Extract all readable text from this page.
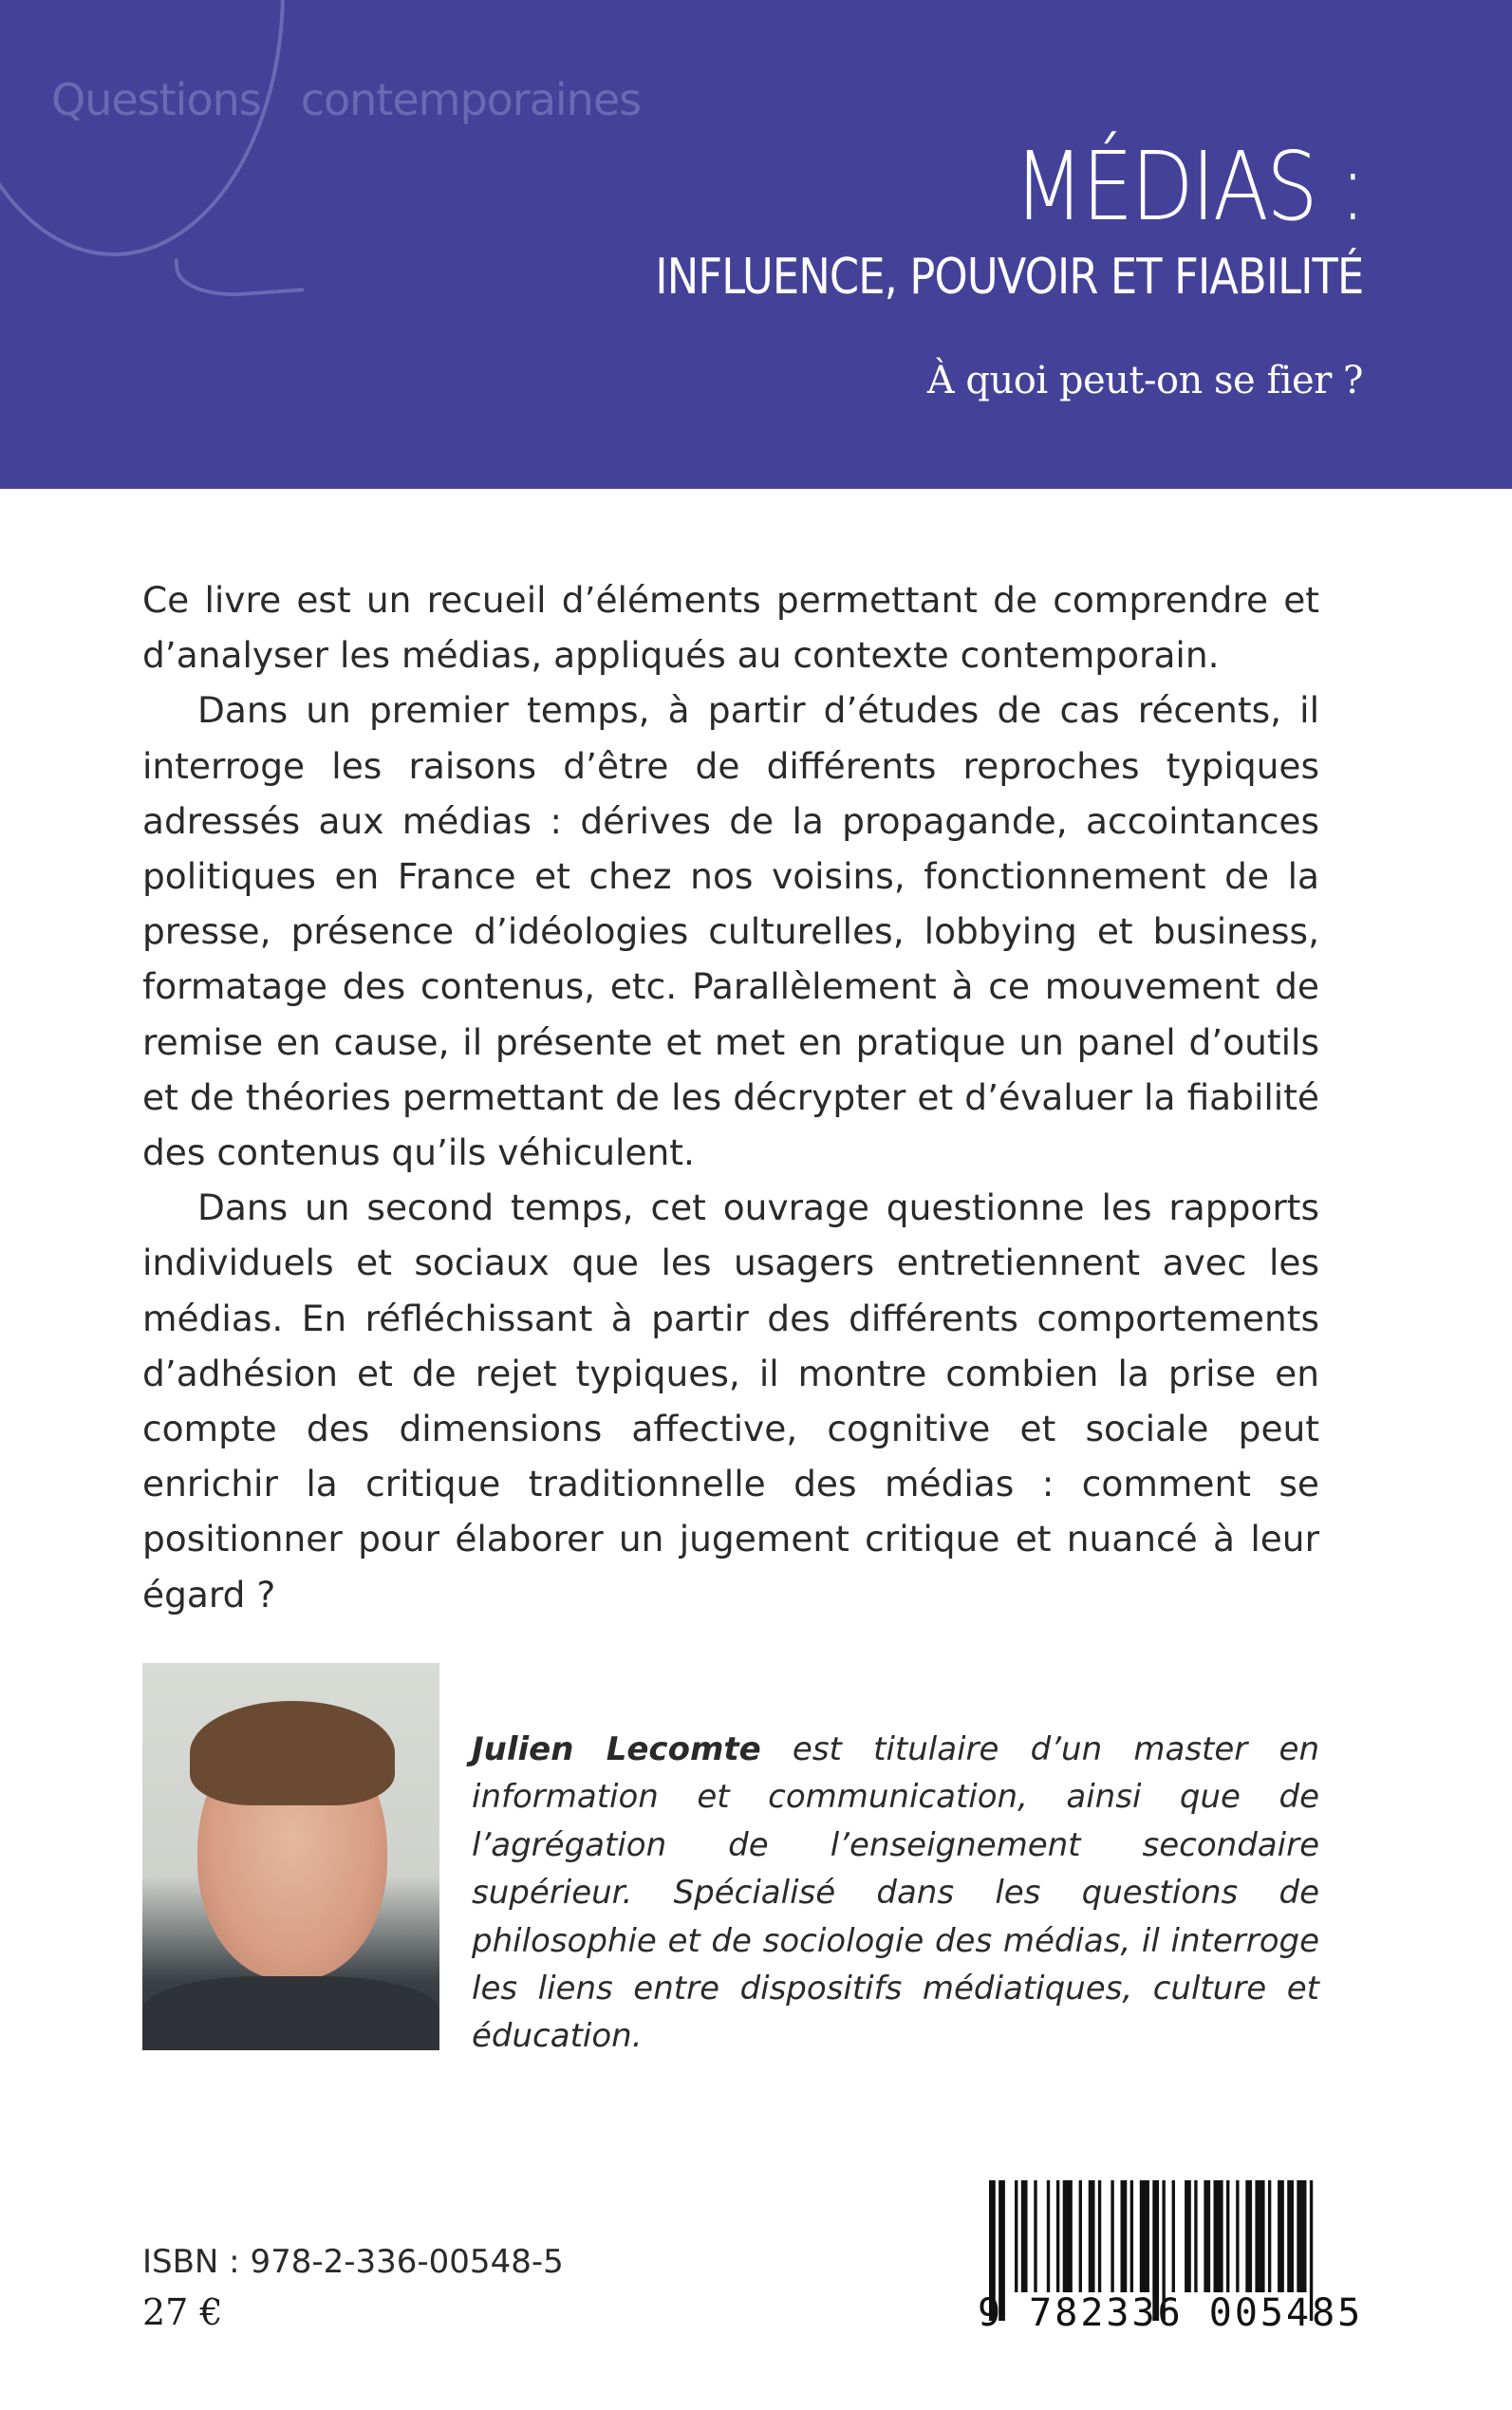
Questions contemporaines
MÉDIAS :
INFLUENCE, POUVOIR ET FIABILITÉ
À quoi peut-on se fier ?

Ce livre est un recueil d’éléments permettant de comprendre et d’analyser les médias, appliqués au contexte contemporain.

Dans un premier temps, à partir d’études de cas récents, il interroge les raisons d’être de différents reproches typiques adressés aux médias : dérives de la propagande, accointances politiques en France et chez nos voisins, fonctionnement de la presse, présence d’idéologies culturelles, lobbying et business, formatage des contenus, etc. Parallèlement à ce mouvement de remise en cause, il présente et met en pratique un panel d’outils et de théories permettant de les décrypter et d’évaluer la fiabilité des contenus qu’ils véhiculent.

Dans un second temps, cet ouvrage questionne les rapports individuels et sociaux que les usagers entretiennent avec les médias. En réfléchissant à partir des différents comportements d’adhésion et de rejet typiques, il montre combien la prise en compte des dimensions affective, cognitive et sociale peut enrichir la critique traditionnelle des médias : comment se positionner pour élaborer un jugement critique et nuancé à leur égard ?

Julien Lecomte est titulaire d’un master en information et communication, ainsi que de l’agrégation de l’enseignement secondaire supérieur. Spécialisé dans les questions de philosophie et de sociologie des médias, il interroge les liens entre dispositifs médiatiques, culture et éducation.
ISBN : 978-2-336-00548-5
27 €	9 782336 005485
